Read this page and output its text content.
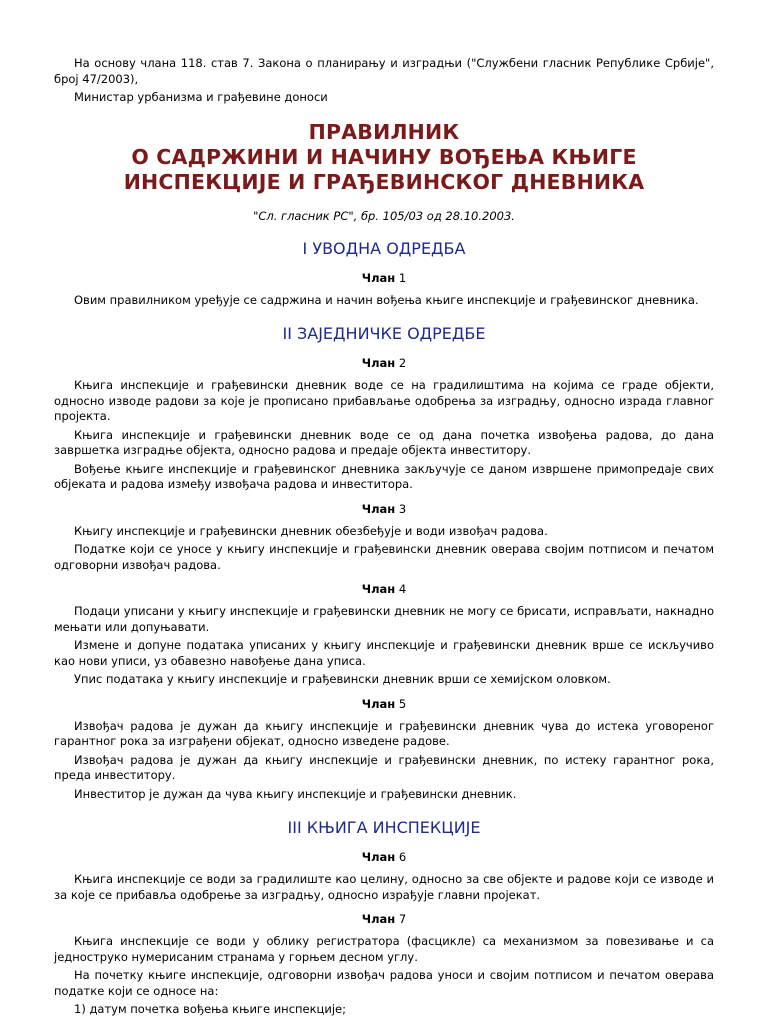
На основу члана 118. став 7. Закона о планирању и изградњи ("Службени гласник Републике Србије", број 47/2003),

Министар урбанизма и грађевине доноси

ПРАВИЛНИК
О САДРЖИНИ И НАЧИНУ ВОЂЕЊА КЊИГЕ
ИНСПЕКЦИЈЕ И ГРАЂЕВИНСКОГ ДНЕВНИКА
"Сл. гласник РС", бр. 105/03 од 28.10.2003.
I УВОДНА ОДРЕДБА
Члан 1

Овим правилником уређује се садржина и начин вођења књиге инспекције и грађевинског дневника.

II ЗАЈЕДНИЧКЕ ОДРЕДБЕ
Члан 2

Књига инспекције и грађевински дневник воде се на градилиштима на којима се граде објекти, односно изводе радови за које је прописано прибављање одобрења за изградњу, односно израда главног пројекта.

Књига инспекције и грађевински дневник воде се од дана почетка извођења радова, до дана завршетка изградње објекта, односно радова и предаје објекта инвеститору.

Вођење књиге инспекције и грађевинског дневника закључује се даном извршене примопредаје свих објеката и радова између извођача радова и инвеститора.

Члан 3

Књигу инспекције и грађевински дневник обезбеђује и води извођач радова.

Податке који се уносе у књигу инспекције и грађевински дневник оверава својим потписом и печатом одговорни извођач радова.

Члан 4

Подаци уписани у књигу инспекције и грађевински дневник не могу се брисати, исправљати, накнадно мењати или допуњавати.

Измене и допуне података уписаних у књигу инспекције и грађевински дневник врше се искључиво као нови уписи, уз обавезно навођење дана уписа.

Упис података у књигу инспекције и грађевински дневник врши се хемијском оловком.

Члан 5

Извођач радова је дужан да књигу инспекције и грађевински дневник чува до истека уговореног гарантног рока за изграђени објекат, односно изведене радове.

Извођач радова је дужан да књигу инспекције и грађевински дневник, по истеку гарантног рока, преда инвеститору.

Инвеститор је дужан да чува књигу инспекције и грађевински дневник.

III КЊИГА ИНСПЕКЦИЈЕ
Члан 6

Књига инспекције се води за градилиште као целину, односно за све објекте и радове који се изводе и за које се прибавља одобрење за изградњу, односно израђује главни пројекат.

Члан 7

Књига инспекције се води у облику регистратора (фасцикле) са механизмом за повезивање и са једнострукo нумерисаним странама у горњем десном углу.

На почетку књиге инспекције, одговорни извођач радова уноси и својим потписом и печатом оверава податке који се односе на:

1) датум почетка вођења књиге инспекције;
